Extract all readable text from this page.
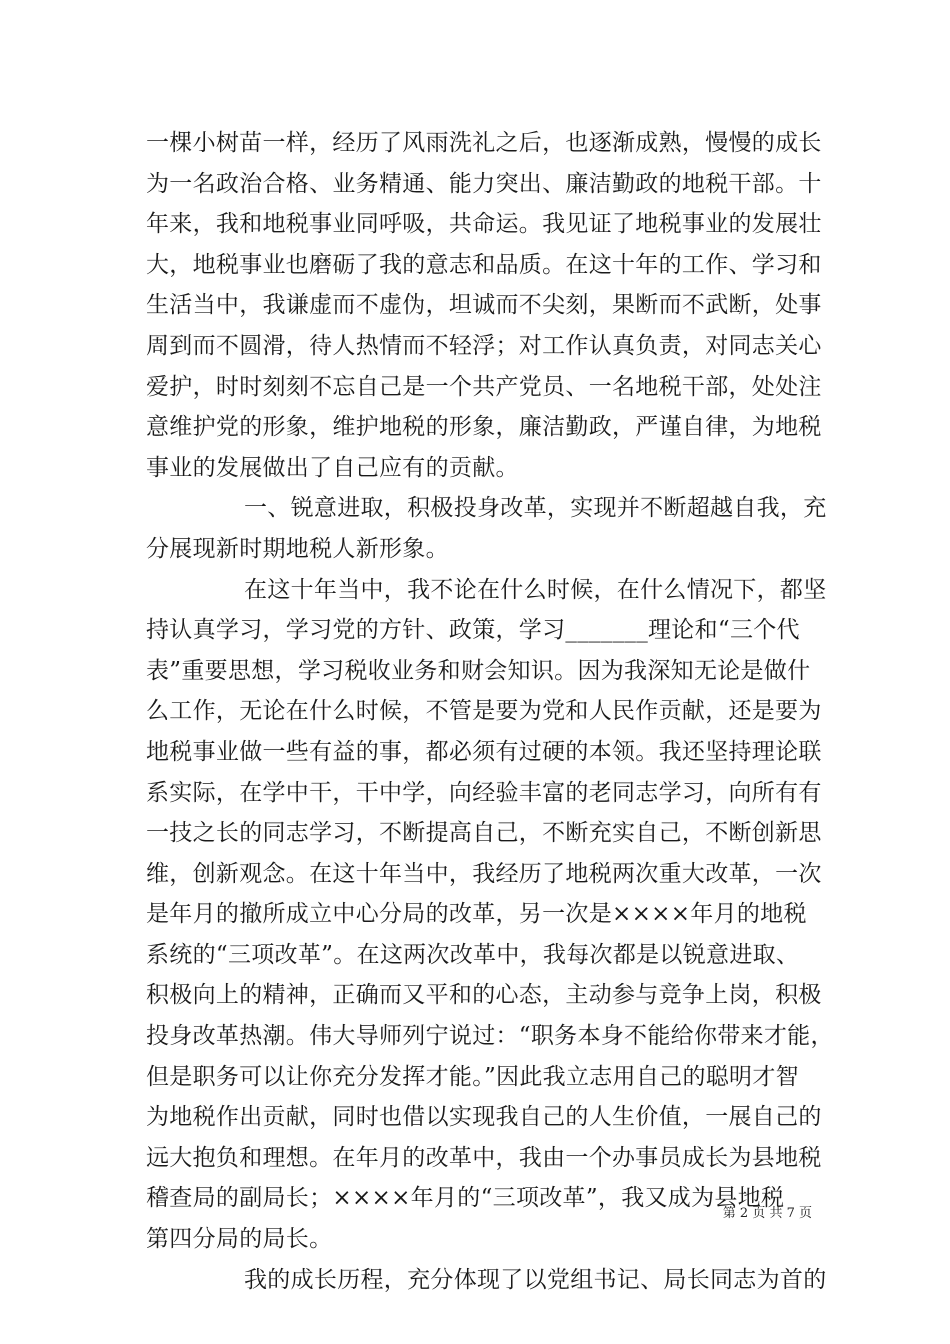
一棵小树苗一样，经历了风雨洗礼之后，也逐渐成熟，慢慢的成长
为一名政治合格、业务精通、能力突出、廉洁勤政的地税干部。十
年来，我和地税事业同呼吸，共命运。我见证了地税事业的发展壮
大，地税事业也磨砺了我的意志和品质。在这十年的工作、学习和
生活当中，我谦虚而不虚伪，坦诚而不尖刻，果断而不武断，处事
周到而不圆滑，待人热情而不轻浮；对工作认真负责，对同志关心
爱护，时时刻刻不忘自己是一个共产党员、一名地税干部，处处注
意维护党的形象，维护地税的形象，廉洁勤政，严谨自律，为地税
事业的发展做出了自己应有的贡献。
一、锐意进取，积极投身改革，实现并不断超越自我，充
分展现新时期地税人新形象。
在这十年当中，我不论在什么时候，在什么情况下，都坚
持认真学习，学习党的方针、政策，学习_______理论和“三个代
表”重要思想，学习税收业务和财会知识。因为我深知无论是做什
么工作，无论在什么时候，不管是要为党和人民作贡献，还是要为
地税事业做一些有益的事，都必须有过硬的本领。我还坚持理论联
系实际，在学中干，干中学，向经验丰富的老同志学习，向所有有
一技之长的同志学习，不断提高自己，不断充实自己，不断创新思
维，创新观念。在这十年当中，我经历了地税两次重大改革，一次
是年月的撤所成立中心分局的改革，另一次是××××年月的地税
系统的“三项改革”。在这两次改革中，我每次都是以锐意进取、
积极向上的精神，正确而又平和的心态，主动参与竞争上岗，积极
投身改革热潮。伟大导师列宁说过：“职务本身不能给你带来才能，
但是职务可以让你充分发挥才能。”因此我立志用自己的聪明才智
为地税作出贡献，同时也借以实现我自己的人生价值，一展自己的
远大抱负和理想。在年月的改革中，我由一个办事员成长为县地税
稽查局的副局长；××××年月的“三项改革”，我又成为县地税
第四分局的局长。
我的成长历程，充分体现了以党组书记、局长同志为首的
第 2 页 共 7 页
